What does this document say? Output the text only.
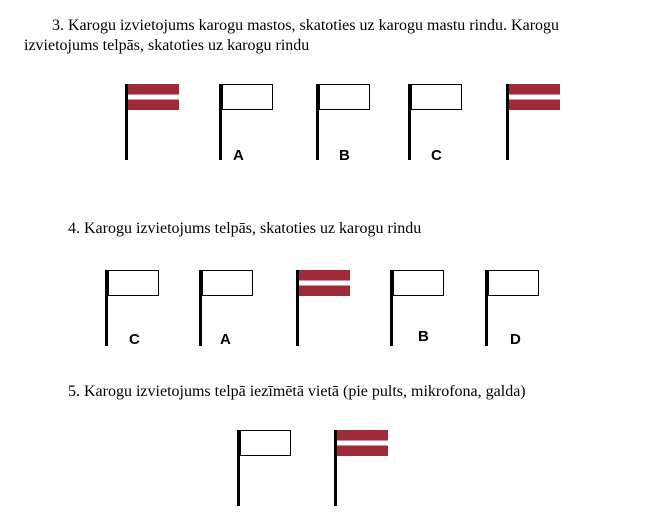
3. Karogu izvietojums karogu mastos, skatoties uz karogu mastu rindu. Karogu

izvietojums telpās, skatoties uz karogu rindu

A	B	C

4. Karogu izvietojums telpās, skatoties uz karogu rindu

C	A	B	D

5. Karogu izvietojums telpā iezīmētā vietā (pie pults, mikrofona, galda)
